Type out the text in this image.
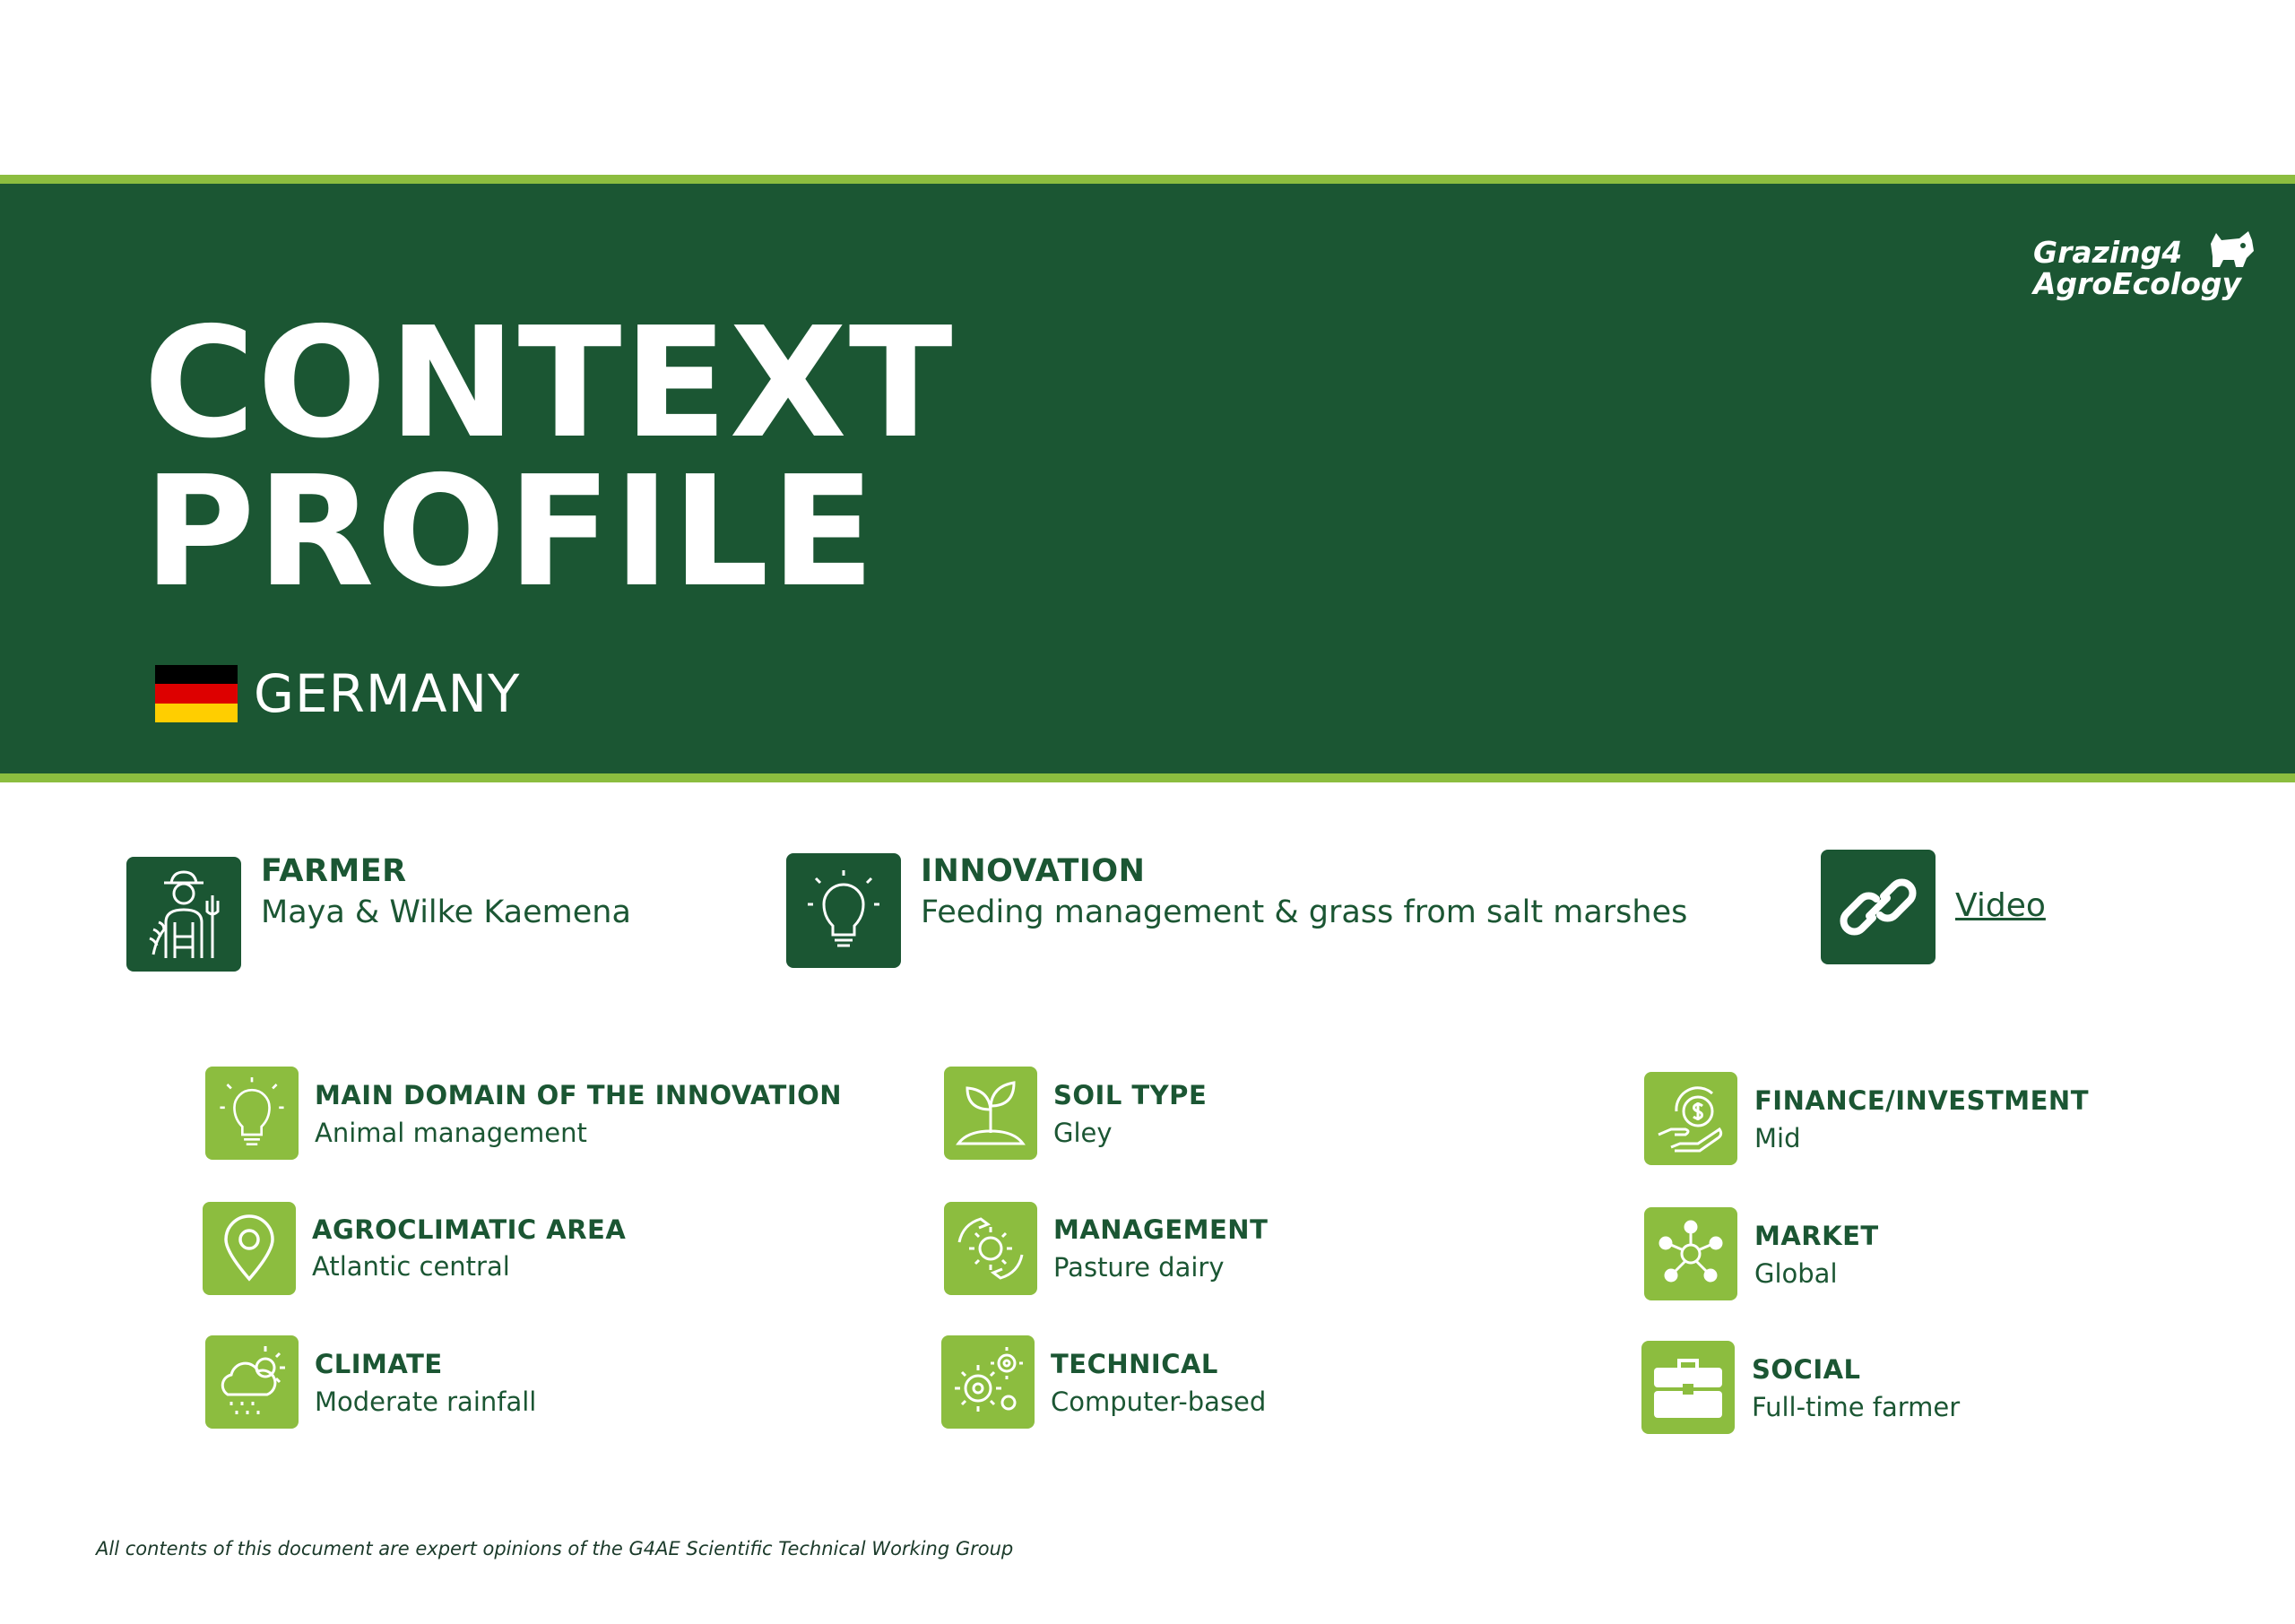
CONTEXT
PROFILE
GERMANY
Grazing4
AgroEcology
FARMER
Maya & Wilke Kaemena
INNOVATION
Feeding management & grass from salt marshes	Video
MAIN DOMAIN OF THE INNOVATION
Animal management
AGROCLIMATIC AREA
Atlantic central
CLIMATE
Moderate rainfall
SOIL TYPE
Gley
MANAGEMENT
Pasture dairy
TECHNICAL
Computer-based
FINANCE/INVESTMENT
Mid
MARKET
Global
SOCIAL
Full-time farmer
All contents of this document are expert opinions of the G4AE Scientific Technical Working Group
